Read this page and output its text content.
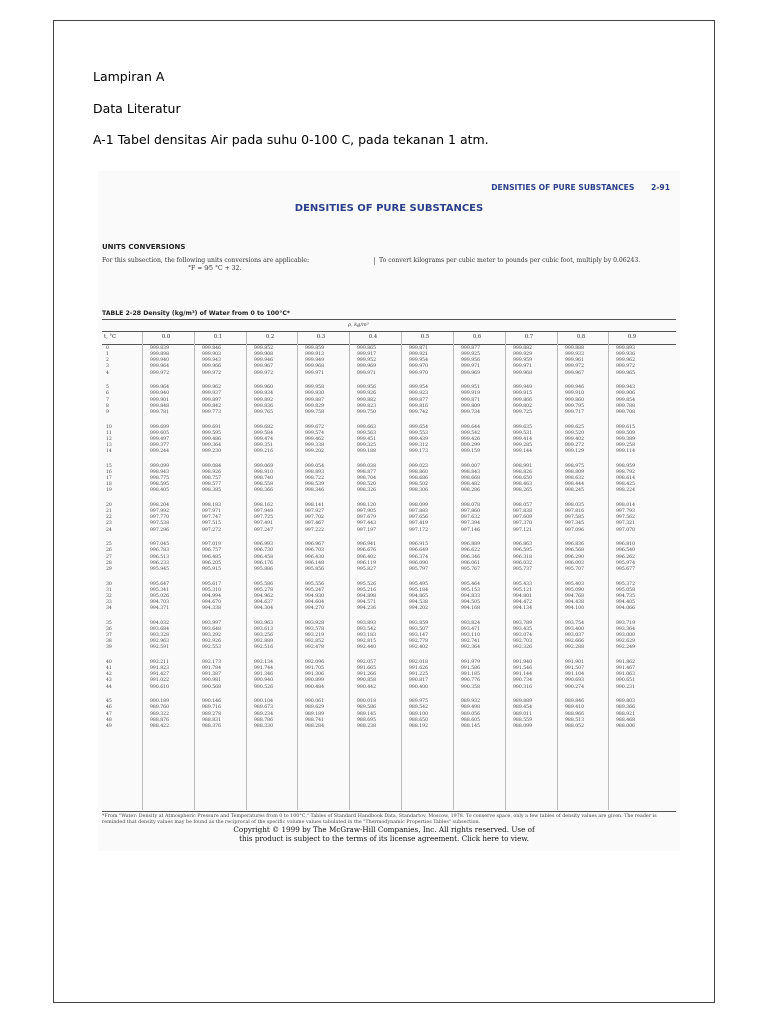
Lampiran A
Data Literatur
A-1 Tabel densitas Air pada suhu 0-100 C, pada tekanan 1 atm.
DENSITIES OF PURE SUBSTANCES 2-91
DENSITIES OF PURE SUBSTANCES
UNITS CONVERSIONS
For this subsection, the following units conversions are applicable:
°F = 9⁄5 °C + 32.
To convert kilograms per cubic meter to pounds per cubic foot, multiply by 0.06243.
TABLE 2-28 Density (kg/m³) of Water from 0 to 100°C*
ρ, kg/m³
t, °C	0.0	0.1	0.2	0.3	0.4	0.5	0.6	0.7	0.8	0.9
0	999.839	999.846	999.852	999.859	999.865	999.871	999.877	999.882	999.888	999.893
1	999.898	999.903	999.908	999.913	999.917	999.921	999.925	999.929	999.933	999.936
2	999.940	999.943	999.946	999.949	999.952	999.954	999.956	999.959	999.961	999.962
3	999.964	999.966	999.967	999.968	999.969	999.970	999.971	999.971	999.972	999.972
4	999.972	999.972	999.972	999.971	999.971	999.970	999.969	999.968	999.967	999.965
5	999.964	999.962	999.960	999.958	999.956	999.954	999.951	999.949	999.946	999.943
6	999.940	999.937	999.934	999.930	999.926	999.923	999.919	999.915	999.910	999.906
7	999.901	999.897	999.892	999.887	999.882	999.877	999.871	999.866	999.860	999.854
8	999.848	999.842	999.836	999.829	999.823	999.816	999.809	999.802	999.795	999.788
9	999.781	999.773	999.765	999.758	999.750	999.742	999.734	999.725	999.717	999.708
10	999.699	999.691	999.682	999.672	999.663	999.654	999.644	999.635	999.625	999.615
11	999.605	999.595	999.584	999.574	999.563	999.553	999.542	999.531	999.520	999.509
12	999.497	999.486	999.474	999.462	999.451	999.439	999.426	999.414	999.402	999.389
13	999.377	999.364	999.351	999.338	999.325	999.312	999.299	999.285	999.272	999.258
14	999.244	999.230	999.216	999.202	999.188	999.173	999.159	999.144	999.129	999.114
15	999.099	999.084	999.069	999.054	999.038	999.023	999.007	998.991	998.975	998.959
16	998.943	998.926	998.910	998.893	998.877	998.860	998.843	998.826	998.809	998.792
17	998.775	998.757	998.740	998.722	998.704	998.686	998.668	998.650	998.632	998.614
18	998.595	998.577	998.558	998.539	998.520	998.502	998.482	998.463	998.444	998.425
19	998.405	998.385	998.366	998.346	998.326	998.306	998.286	998.265	998.245	998.224
20	998.204	998.183	998.162	998.141	998.120	998.099	998.078	998.057	998.035	998.014
21	997.992	997.971	997.949	997.927	997.905	997.883	997.860	997.838	997.816	997.793
22	997.770	997.747	997.725	997.702	997.679	997.656	997.632	997.609	997.585	997.562
23	997.538	997.515	997.491	997.467	997.443	997.419	997.394	997.370	997.345	997.321
24	997.296	997.272	997.247	997.222	997.197	997.172	997.146	997.121	997.096	997.070
25	997.045	997.019	996.993	996.967	996.941	996.915	996.889	996.863	996.836	996.810
26	996.783	996.757	996.730	996.703	996.676	996.649	996.622	996.595	996.568	996.540
27	996.513	996.485	996.458	996.430	996.402	996.374	996.346	996.318	996.290	996.262
28	996.233	996.205	996.176	996.148	996.119	996.090	996.061	996.032	996.003	995.974
29	995.945	995.915	995.886	995.856	995.827	995.797	995.767	995.737	995.707	995.677
30	995.647	995.617	995.586	995.556	995.526	995.495	995.464	995.433	995.403	995.372
31	995.341	995.310	995.278	995.247	995.216	995.184	995.153	995.121	995.090	995.058
32	995.026	994.994	994.962	994.930	994.898	994.865	994.833	994.801	994.768	994.735
33	994.703	994.670	994.637	994.604	994.571	994.538	994.505	994.472	994.438	994.405
34	994.371	994.338	994.304	994.270	994.236	994.202	994.168	994.134	994.100	994.066
35	994.032	993.997	993.963	993.928	993.893	993.859	993.824	993.789	993.754	993.719
36	993.684	993.648	993.613	993.578	993.542	993.507	993.471	993.435	993.400	993.364
37	993.328	993.292	993.256	993.219	993.183	993.147	993.110	993.074	993.037	993.000
38	992.963	992.926	992.889	992.852	992.815	992.778	992.741	992.703	992.666	992.629
39	992.591	992.553	992.516	992.478	992.440	992.402	992.364	992.326	992.288	992.249
40	992.211	992.173	992.134	992.096	992.057	992.018	991.979	991.940	991.901	991.862
41	991.823	991.784	991.744	991.705	991.665	991.626	991.586	991.546	991.507	991.467
42	991.427	991.387	991.346	991.306	991.266	991.225	991.185	991.144	991.104	991.063
43	991.022	990.981	990.940	990.899	990.858	990.817	990.776	990.734	990.693	990.651
44	990.610	990.568	990.526	990.484	990.442	990.400	990.358	990.316	990.274	990.231
45	990.189	990.146	990.104	990.061	990.018	989.975	989.932	989.889	989.846	989.803
46	989.760	989.716	989.673	989.629	989.586	989.542	989.498	989.454	989.410	989.366
47	989.322	989.278	989.234	989.189	989.145	989.100	989.056	989.011	988.966	988.921
48	988.876	988.831	988.786	988.741	988.695	988.650	988.605	988.559	988.513	988.468
49	988.422	988.376	988.330	988.284	988.238	988.192	988.145	988.099	988.052	988.006
*From "Water: Density at Atmospheric Pressure and Temperatures from 0 to 100°C," Tables of Standard Handbook Data, Standartov, Moscow, 1978. To conserve space, only a few tables of density values are given. The reader is reminded that density values may be found as the reciprocal of the specific volume values tabulated in the "Thermodynamic Properties Tables" subsection.
Copyright © 1999 by The McGraw-Hill Companies, Inc. All rights reserved. Use of
this product is subject to the terms of its license agreement. Click here to view.
